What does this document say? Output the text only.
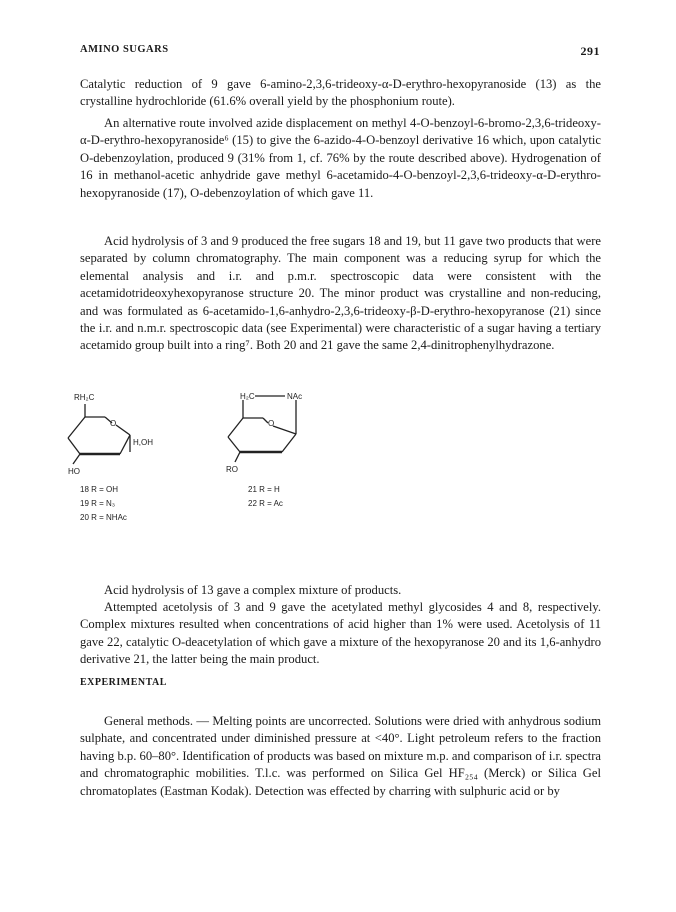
AMINO SUGARS	291

Catalytic reduction of 9 gave 6-amino-2,3,6-trideoxy-α-D-erythro-hexopyranoside (13) as the crystalline hydrochloride (61.6% overall yield by the phosphonium route).

An alternative route involved azide displacement on methyl 4-O-benzoyl-6-bromo-2,3,6-trideoxy-α-D-erythro-hexopyranoside⁶ (15) to give the 6-azido-4-O-benzoyl derivative 16 which, upon catalytic O-debenzoylation, produced 9 (31% from 1, cf. 76% by the route described above). Hydrogenation of 16 in methanol-acetic anhydride gave methyl 6-acetamido-4-O-benzoyl-2,3,6-trideoxy-α-D-erythro-hexopyranoside (17), O-debenzoylation of which gave 11.

Acid hydrolysis of 3 and 9 produced the free sugars 18 and 19, but 11 gave two products that were separated by column chromatography. The main component was a reducing syrup for which the elemental analysis and i.r. and p.m.r. spectroscopic data were consistent with the acetamidotrideoxyhexopyranose structure 20. The minor product was crystalline and non-reducing, and was formulated as 6-acetamido-1,6-anhydro-2,3,6-trideoxy-β-D-erythro-hexopyranose (21) since the i.r. and n.m.r. spectroscopic data (see Experimental) were characteristic of a sugar having a tertiary acetamido group built into a ring⁷. Both 20 and 21 gave the same 2,4-dinitrophenylhydrazone.

RH₂C
O
H,OH
HO
18 R = OH
19 R = N₃
20 R = NHAc
H₂C	NAc
O
RO
21 R = H
22 R = Ac

Acid hydrolysis of 13 gave a complex mixture of products.

Attempted acetolysis of 3 and 9 gave the acetylated methyl glycosides 4 and 8, respectively. Complex mixtures resulted when concentrations of acid higher than 1% were used. Acetolysis of 11 gave 22, catalytic O-deacetylation of which gave a mixture of the hexopyranose 20 and its 1,6-anhydro derivative 21, the latter being the main product.

EXPERIMENTAL

General methods. — Melting points are uncorrected. Solutions were dried with anhydrous sodium sulphate, and concentrated under diminished pressure at <40°. Light petroleum refers to the fraction having b.p. 60–80°. Identification of products was based on mixture m.p. and comparison of i.r. spectra and chromatographic mobilities. T.l.c. was performed on Silica Gel HF₂₅₄ (Merck) or Silica Gel chromatoplates (Eastman Kodak). Detection was effected by charring with sulphuric acid or by
